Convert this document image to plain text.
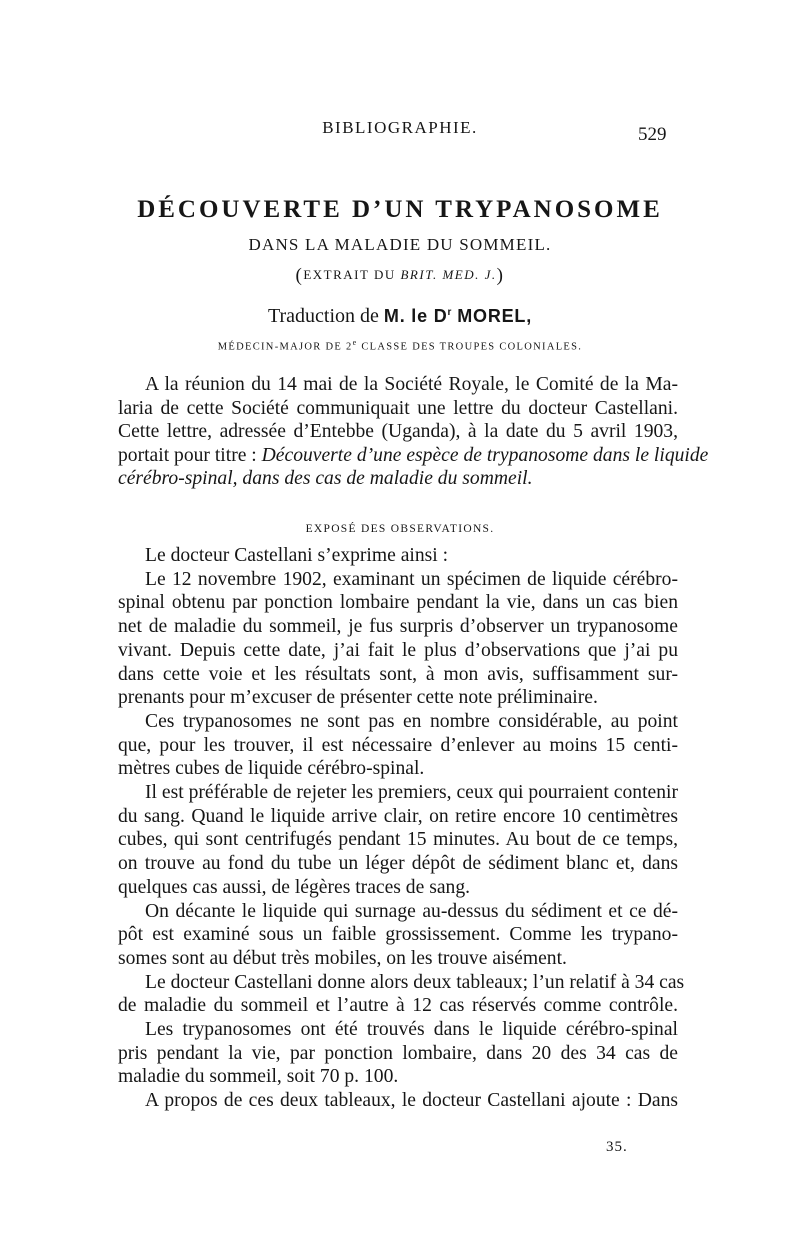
BIBLIOGRAPHIE.	529
DÉCOUVERTE D’UN TRYPANOSOME
DANS LA MALADIE DU SOMMEIL.
(EXTRAIT DU BRIT. MED. J.)
Traduction de M. le $D^r$ MOREL,
MÉDECIN-MAJOR DE 2e CLASSE DES TROUPES COLONIALES.
A la réunion du 14 mai de la Société Royale, le Comité de la Ma-
laria de cette Société communiquait une lettre du docteur Castellani.
Cette lettre, adressée d’Entebbe (Uganda), à la date du 5 avril 1903,
portait pour titre : Découverte d’une espèce de trypanosome dans le liquide
cérébro-spinal, dans des cas de maladie du sommeil.
EXPOSÉ DES OBSERVATIONS.
Le docteur Castellani s’exprime ainsi :
Le 12 novembre 1902, examinant un spécimen de liquide cérébro-
spinal obtenu par ponction lombaire pendant la vie, dans un cas bien
net de maladie du sommeil, je fus surpris d’observer un trypanosome
vivant. Depuis cette date, j’ai fait le plus d’observations que j’ai pu
dans cette voie et les résultats sont, à mon avis, suffisamment sur-
prenants pour m’excuser de présenter cette note préliminaire.
Ces trypanosomes ne sont pas en nombre considérable, au point
que, pour les trouver, il est nécessaire d’enlever au moins 15 centi-
mètres cubes de liquide cérébro-spinal.
Il est préférable de rejeter les premiers, ceux qui pourraient contenir
du sang. Quand le liquide arrive clair, on retire encore 10 centimètres
cubes, qui sont centrifugés pendant 15 minutes. Au bout de ce temps,
on trouve au fond du tube un léger dépôt de sédiment blanc et, dans
quelques cas aussi, de légères traces de sang.
On décante le liquide qui surnage au-dessus du sédiment et ce dé-
pôt est examiné sous un faible grossissement. Comme les trypano-
somes sont au début très mobiles, on les trouve aisément.
Le docteur Castellani donne alors deux tableaux; l’un relatif à 34 cas
de maladie du sommeil et l’autre à 12 cas réservés comme contrôle.
Les trypanosomes ont été trouvés dans le liquide cérébro-spinal
pris pendant la vie, par ponction lombaire, dans 20 des 34 cas de
maladie du sommeil, soit 70 p. 100.
A propos de ces deux tableaux, le docteur Castellani ajoute : Dans
35.
